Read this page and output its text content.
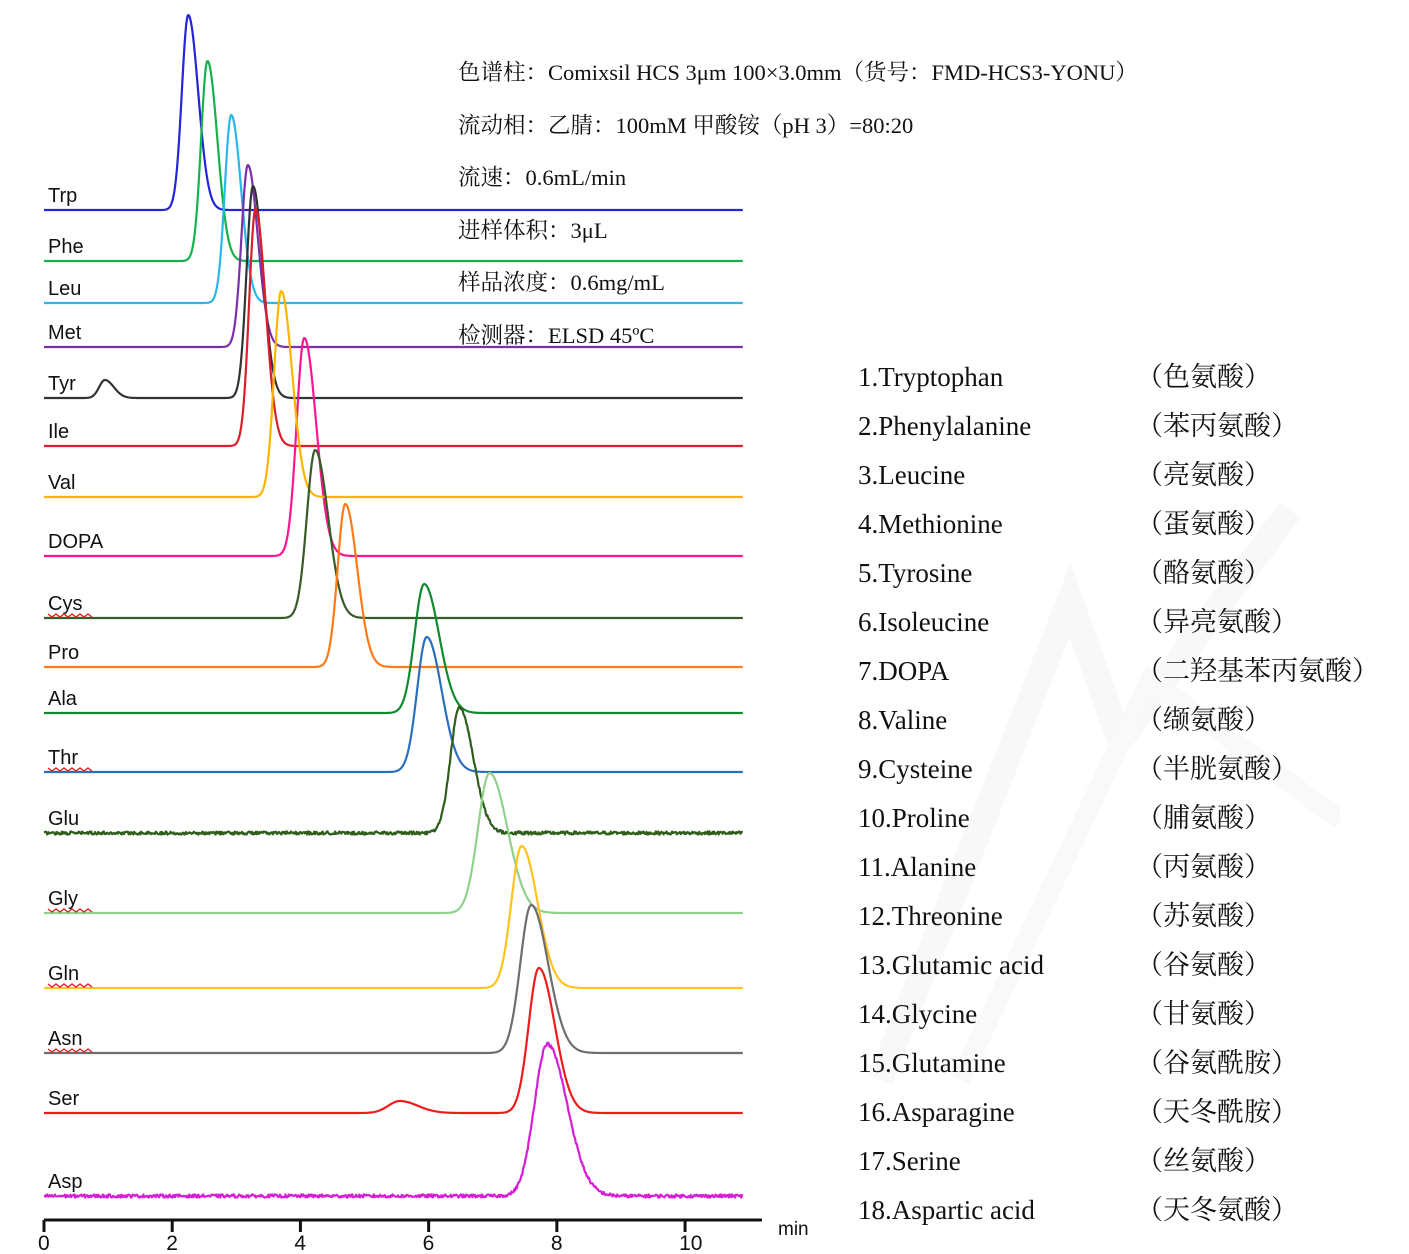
Trp
Phe
Leu
Met
Tyr
Ile
DOPA
Val
Cys
Pro
Ala
Thr
Glu
Gly
Gln
Asn
Ser
Asp
0	2	4	6	8	10
min
色谱柱：Comixsil HCS 3μm 100×3.0mm（货号：FMD-HCS3-YONU）
流动相：乙腈：100mM 甲酸铵（pH 3）=80:20
流速：0.6mL/min
进样体积：3μL
样品浓度：0.6mg/mL
检测器：ELSD 45ºC
1.Tryptophan	（色氨酸）
2.Phenylalanine	（苯丙氨酸）
3.Leucine	（亮氨酸）
4.Methionine	（蛋氨酸）
5.Tyrosine	（酪氨酸）
6.Isoleucine	（异亮氨酸）
7.DOPA	（二羟基苯丙氨酸）
8.Valine	（缬氨酸）
9.Cysteine	（半胱氨酸）
10.Proline	（脯氨酸）
11.Alanine	（丙氨酸）
12.Threonine	（苏氨酸）
13.Glutamic acid	（谷氨酸）
14.Glycine	（甘氨酸）
15.Glutamine	（谷氨酰胺）
16.Asparagine	（天冬酰胺）
17.Serine	（丝氨酸）
18.Aspartic acid	（天冬氨酸）
